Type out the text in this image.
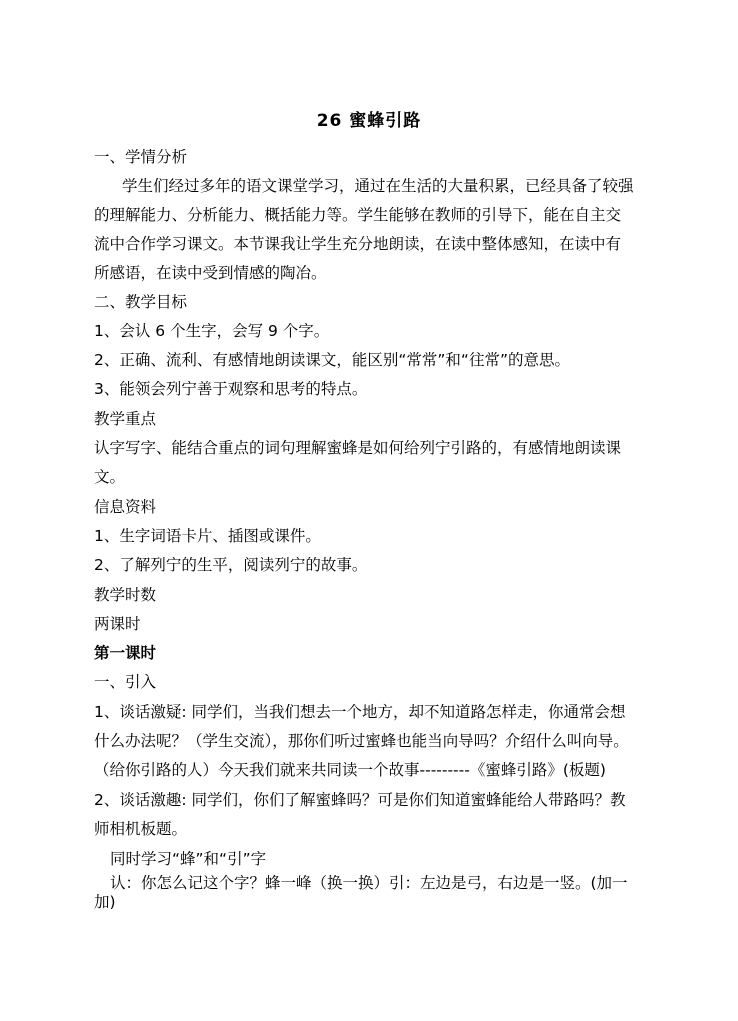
26 蜜蜂引路
一、学情分析
学生们经过多年的语文课堂学习，通过在生活的大量积累，已经具备了较强
的理解能力、分析能力、概括能力等。学生能够在教师的引导下，能在自主交
流中合作学习课文。本节课我让学生充分地朗读，在读中整体感知，在读中有
所感语，在读中受到情感的陶冶。
二、教学目标
1、会认 6 个生字，会写 9 个字。
2、正确、流利、有感情地朗读课文，能区别“常常”和“往常”的意思。
3、能领会列宁善于观察和思考的特点。
教学重点
认字写字、能结合重点的词句理解蜜蜂是如何给列宁引路的，有感情地朗读课
文。
信息资料
1、生字词语卡片、插图或课件。
2、了解列宁的生平，阅读列宁的故事。
教学时数
两课时
第一课时
一、引入
1、谈话激疑: 同学们，当我们想去一个地方，却不知道路怎样走，你通常会想
什么办法呢？（学生交流），那你们听过蜜蜂也能当向导吗？介绍什么叫向导。
（给你引路的人）今天我们就来共同读一个故事---------《蜜蜂引路》(板题)
2、谈话激趣: 同学们，你们了解蜜蜂吗？可是你们知道蜜蜂能给人带路吗？教
师相机板题。
同时学习“蜂”和“引”字
认：你怎么记这个字？蜂一峰（换一换）引：左边是弓，右边是一竖。(加一
加)
